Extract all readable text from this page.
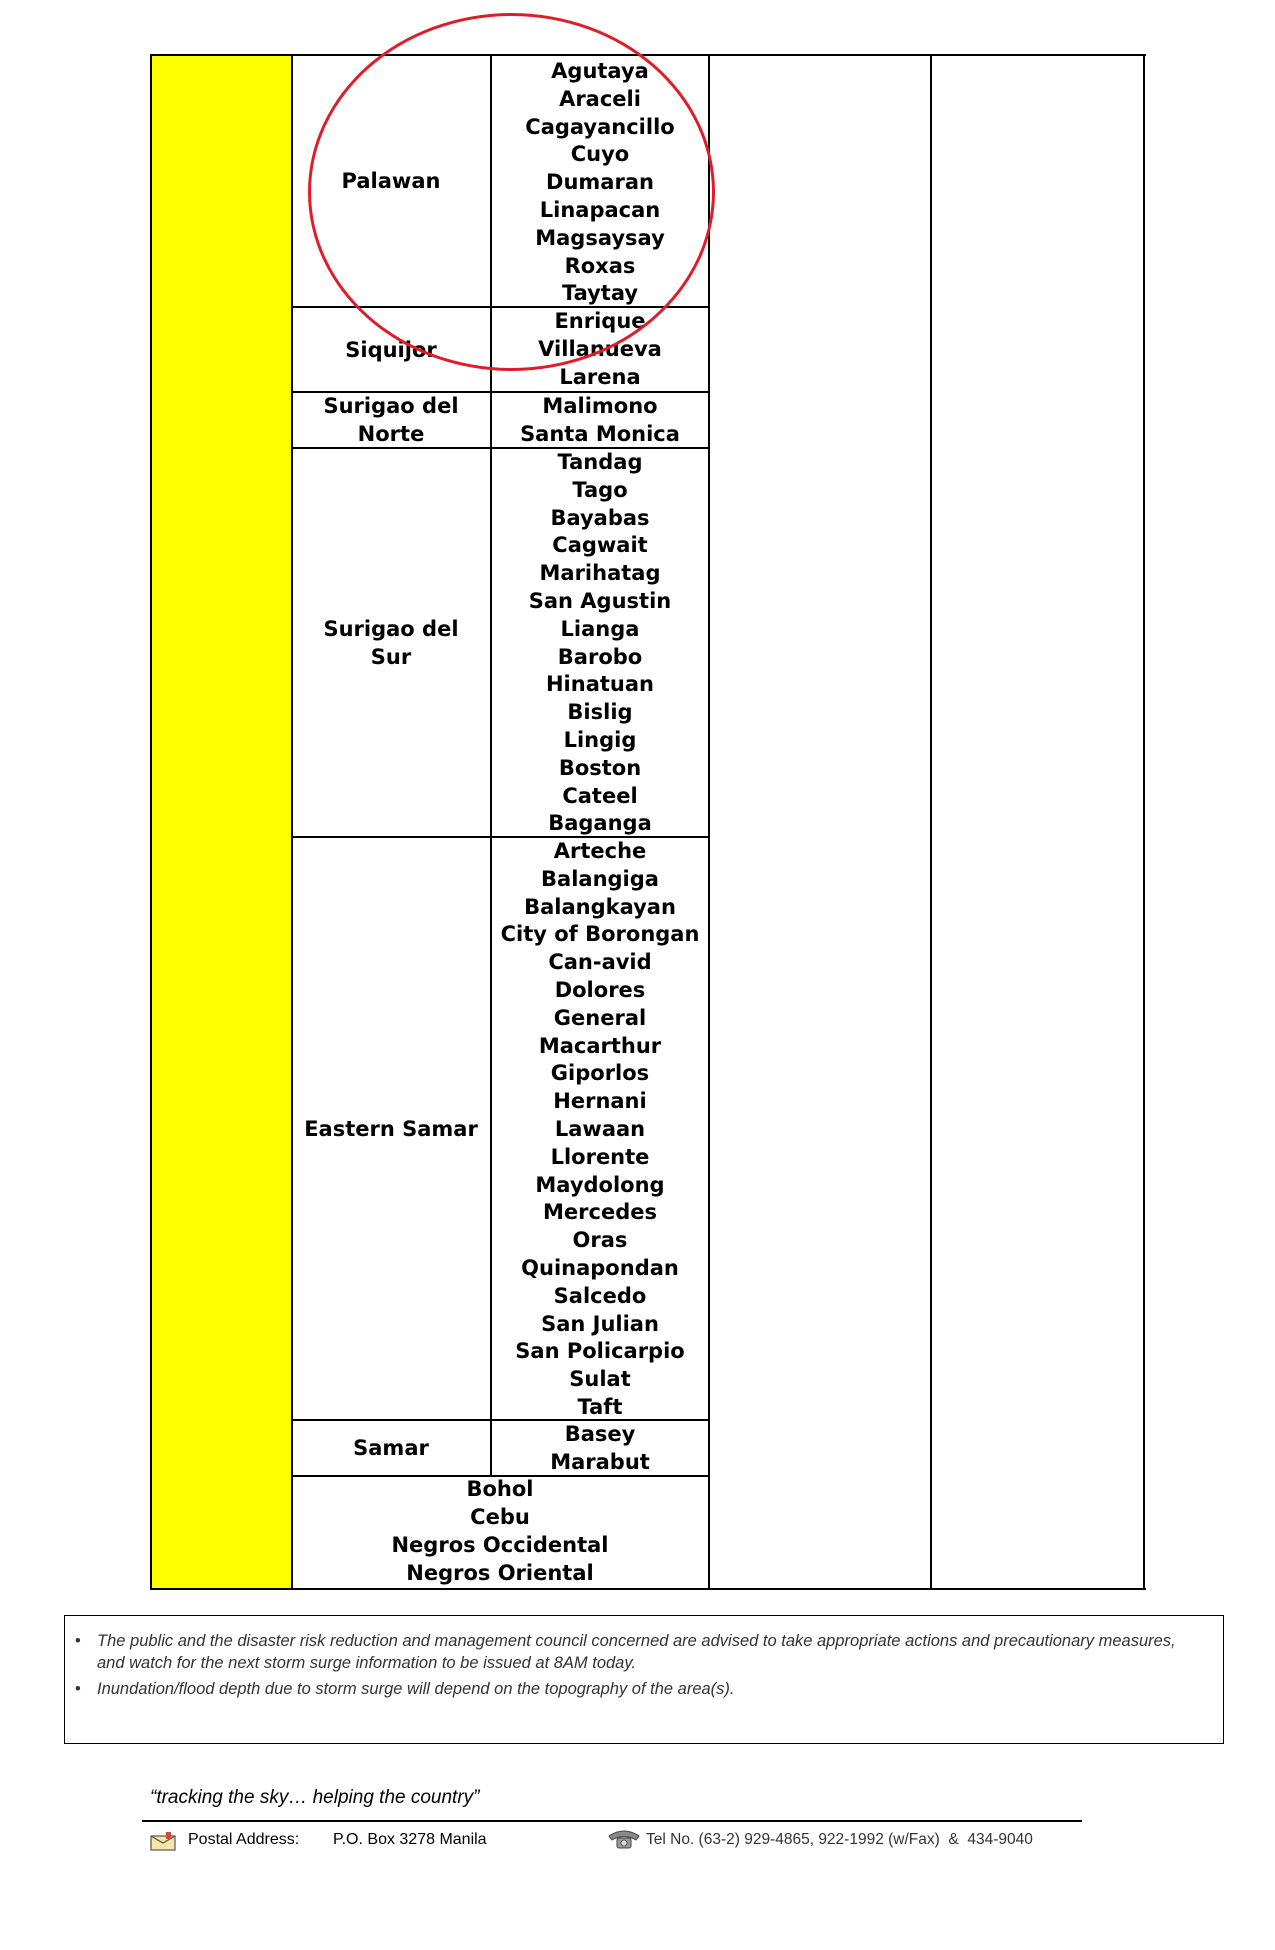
Palawan
Agutaya
Araceli
Cagayancillo
Cuyo
Dumaran
Linapacan
Magsaysay
Roxas
Taytay
Siquijor
Enrique
Villanueva
Larena
Surigao del Norte
Malimono
Santa Monica
Surigao del Sur
Tandag
Tago
Bayabas
Cagwait
Marihatag
San Agustin
Lianga
Barobo
Hinatuan
Bislig
Lingig
Boston
Cateel
Baganga
Eastern Samar
Arteche
Balangiga
Balangkayan
City of Borongan
Can-avid
Dolores
General
Macarthur
Giporlos
Hernani
Lawaan
Llorente
Maydolong
Mercedes
Oras
Quinapondan
Salcedo
San Julian
San Policarpio
Sulat
Taft
Samar
Basey
Marabut
Bohol
Cebu
Negros Occidental
Negros Oriental
• The public and the disaster risk reduction and management council concerned are advised to take appropriate actions and precautionary measures, and watch for the next storm surge information to be issued at 8AM today.
• Inundation/flood depth due to storm surge will depend on the topography of the area(s).
“tracking the sky… helping the country”
Postal Address: P.O. Box 3278 Manila	Tel No. (63-2) 929-4865, 922-1992 (w/Fax)  &  434-9040
